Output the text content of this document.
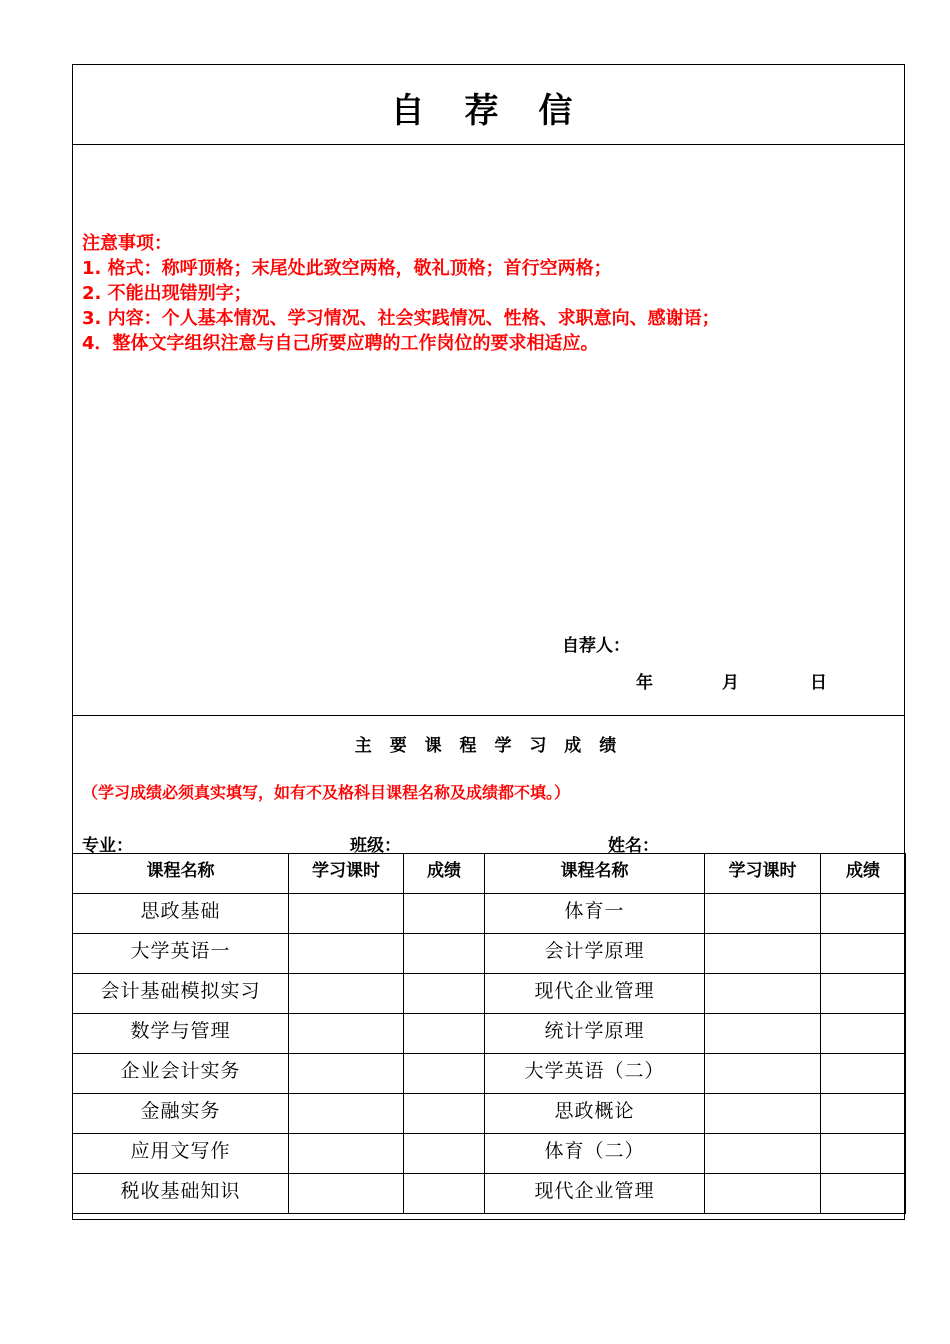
自 荐 信
注意事项：
1. 格式：称呼顶格；末尾处此致空两格，敬礼顶格；首行空两格；
2. 不能出现错别字；
3. 内容：个人基本情况、学习情况、社会实践情况、性格、求职意向、感谢语；
4．整体文字组织注意与自己所要应聘的工作岗位的要求相适应。
自荐人：
年	月	日
主 要 课 程 学 习 成 绩
（学习成绩必须真实填写，如有不及格科目课程名称及成绩都不填。）
专业：	班级：	姓名：
课程名称	学习课时	成绩	课程名称	学习课时	成绩
思政基础			体育一		
大学英语一			会计学原理		
会计基础模拟实习			现代企业管理		
数学与管理			统计学原理		
企业会计实务			大学英语（二）		
金融实务			思政概论		
应用文写作			体育（二）		
税收基础知识			现代企业管理		
